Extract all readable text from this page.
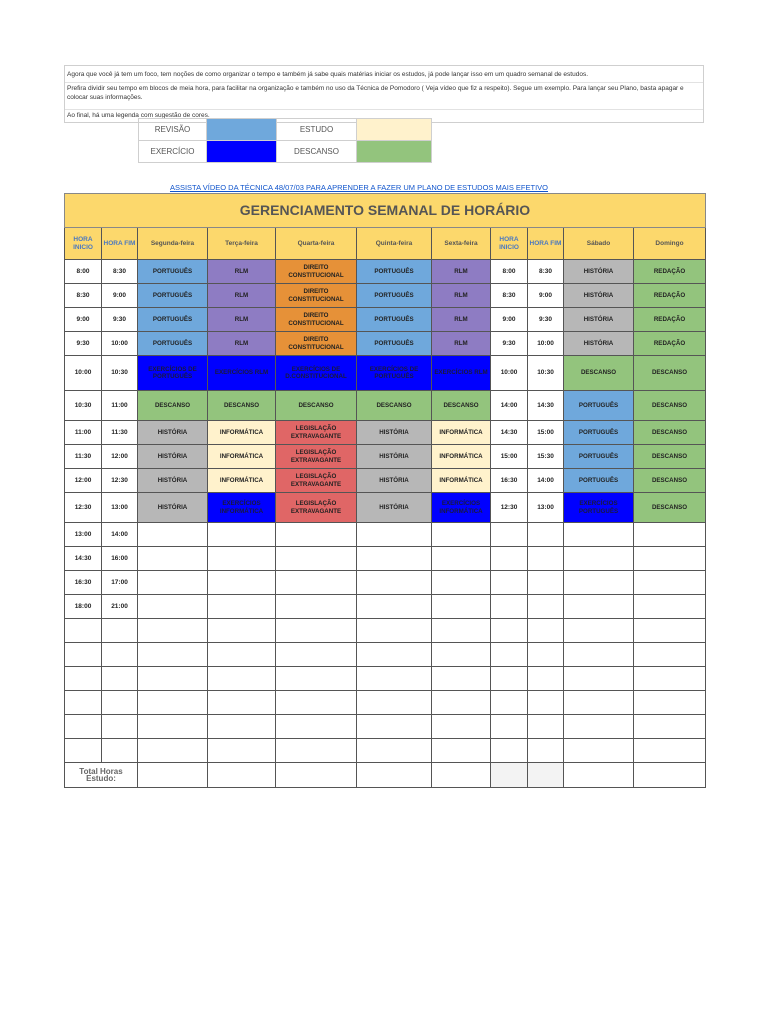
Agora que você já tem um foco, tem noções de como organizar o tempo e também já sabe quais matérias iniciar os estudos, já pode lançar isso em um quadro semanal de estudos.
Prefira dividir seu tempo em blocos de meia hora, para facilitar na organização e também no uso da Técnica de Pomodoro ( Veja vídeo que fiz a respeito). Segue um exemplo. Para lançar seu Plano, basta apagar e colocar suas informações.
Ao final, há uma legenda com sugestão de cores.
REVISÃO		ESTUDO	
EXERCÍCIO		DESCANSO	
ASSISTA VÍDEO DA TÉCNICA 48/07/03 PARA APRENDER A FAZER UM PLANO DE ESTUDOS MAIS EFETIVO
GERENCIAMENTO SEMANAL DE HORÁRIO										
HORA INICIO	HORA FIM	Segunda-feira	Terça-feira	Quarta-feira	Quinta-feira	Sexta-feira	HORA INICIO	HORA FIM	Sábado	Domingo
8:00	8:30	PORTUGUÊS	RLM	DIREITO CONSTITUCIONAL	PORTUGUÊS	RLM	8:00	8:30	HISTÓRIA	REDAÇÃO
8:30	9:00	PORTUGUÊS	RLM	DIREITO CONSTITUCIONAL	PORTUGUÊS	RLM	8:30	9:00	HISTÓRIA	REDAÇÃO
9:00	9:30	PORTUGUÊS	RLM	DIREITO CONSTITUCIONAL	PORTUGUÊS	RLM	9:00	9:30	HISTÓRIA	REDAÇÃO
9:30	10:00	PORTUGUÊS	RLM	DIREITO CONSTITUCIONAL	PORTUGUÊS	RLM	9:30	10:00	HISTÓRIA	REDAÇÃO
10:00	10:30	EXERCÍCIOS DE PORTUGUÊS	EXERCÍCIOS RLM	EXERCÍCIOS DE D.CONSTITUCIONAL	EXERCÍCIOS DE PORTUGUÊS	EXERCÍCIOS RLM	10:00	10:30	DESCANSO	DESCANSO
10:30	11:00	DESCANSO	DESCANSO	DESCANSO	DESCANSO	DESCANSO	14:00	14:30	PORTUGUÊS	DESCANSO
11:00	11:30	HISTÓRIA	INFORMÁTICA	LEGISLAÇÃO EXTRAVAGANTE	HISTÓRIA	INFORMÁTICA	14:30	15:00	PORTUGUÊS	DESCANSO
11:30	12:00	HISTÓRIA	INFORMÁTICA	LEGISLAÇÃO EXTRAVAGANTE	HISTÓRIA	INFORMÁTICA	15:00	15:30	PORTUGUÊS	DESCANSO
12:00	12:30	HISTÓRIA	INFORMÁTICA	LEGISLAÇÃO EXTRAVAGANTE	HISTÓRIA	INFORMÁTICA	16:30	14:00	PORTUGUÊS	DESCANSO
12:30	13:00	HISTÓRIA	EXERCÍCIOS INFORMÁTICA	LEGISLAÇÃO EXTRAVAGANTE	HISTÓRIA	EXERCÍCIOS INFORMÁTICA	12:30	13:00	EXERCÍCIOS PORTUGUÊS	DESCANSO
13:00	14:00									
14:30	16:00									
16:30	17:00									
18:00	21:00									

Total Horas Estudo:										
